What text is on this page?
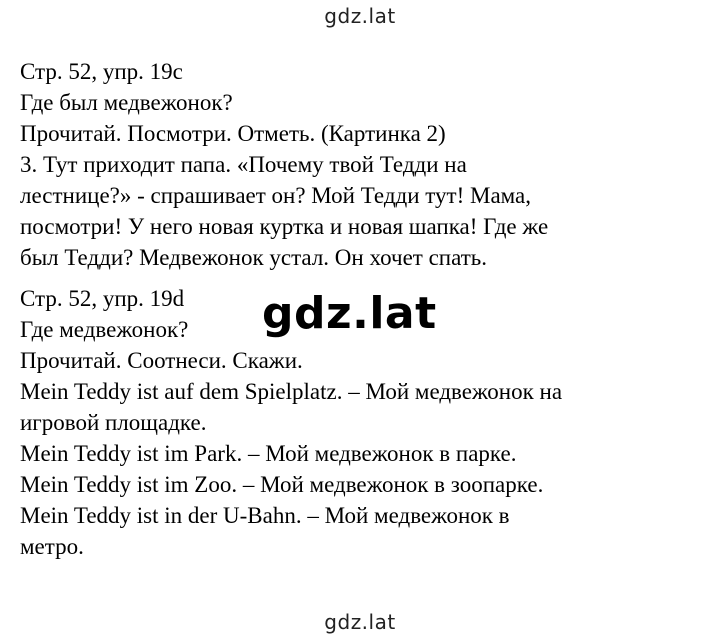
gdz.lat
Стр. 52, упр. 19c
Где был медвежонок?
Прочитай. Посмотри. Отметь. (Картинка 2)
3. Тут приходит папа. «Почему твой Тедди на
лестнице?» - спрашивает он? Мой Тедди тут! Мама,
посмотри! У него новая куртка и новая шапка! Где же
был Тедди? Медвежонок устал. Он хочет спать.
Стр. 52, упр. 19d
Где медвежонок?
Прочитай. Соотнеси. Скажи.
Mein Teddy ist auf dem Spielplatz. – Мой медвежонок на
игровой площадке.
Mein Teddy ist im Park. – Мой медвежонок в парке.
Mein Teddy ist im Zoo. – Мой медвежонок в зоопарке.
Mein Teddy ist in der U-Bahn. – Мой медвежонок в
метро.
gdz.lat
gdz.lat
